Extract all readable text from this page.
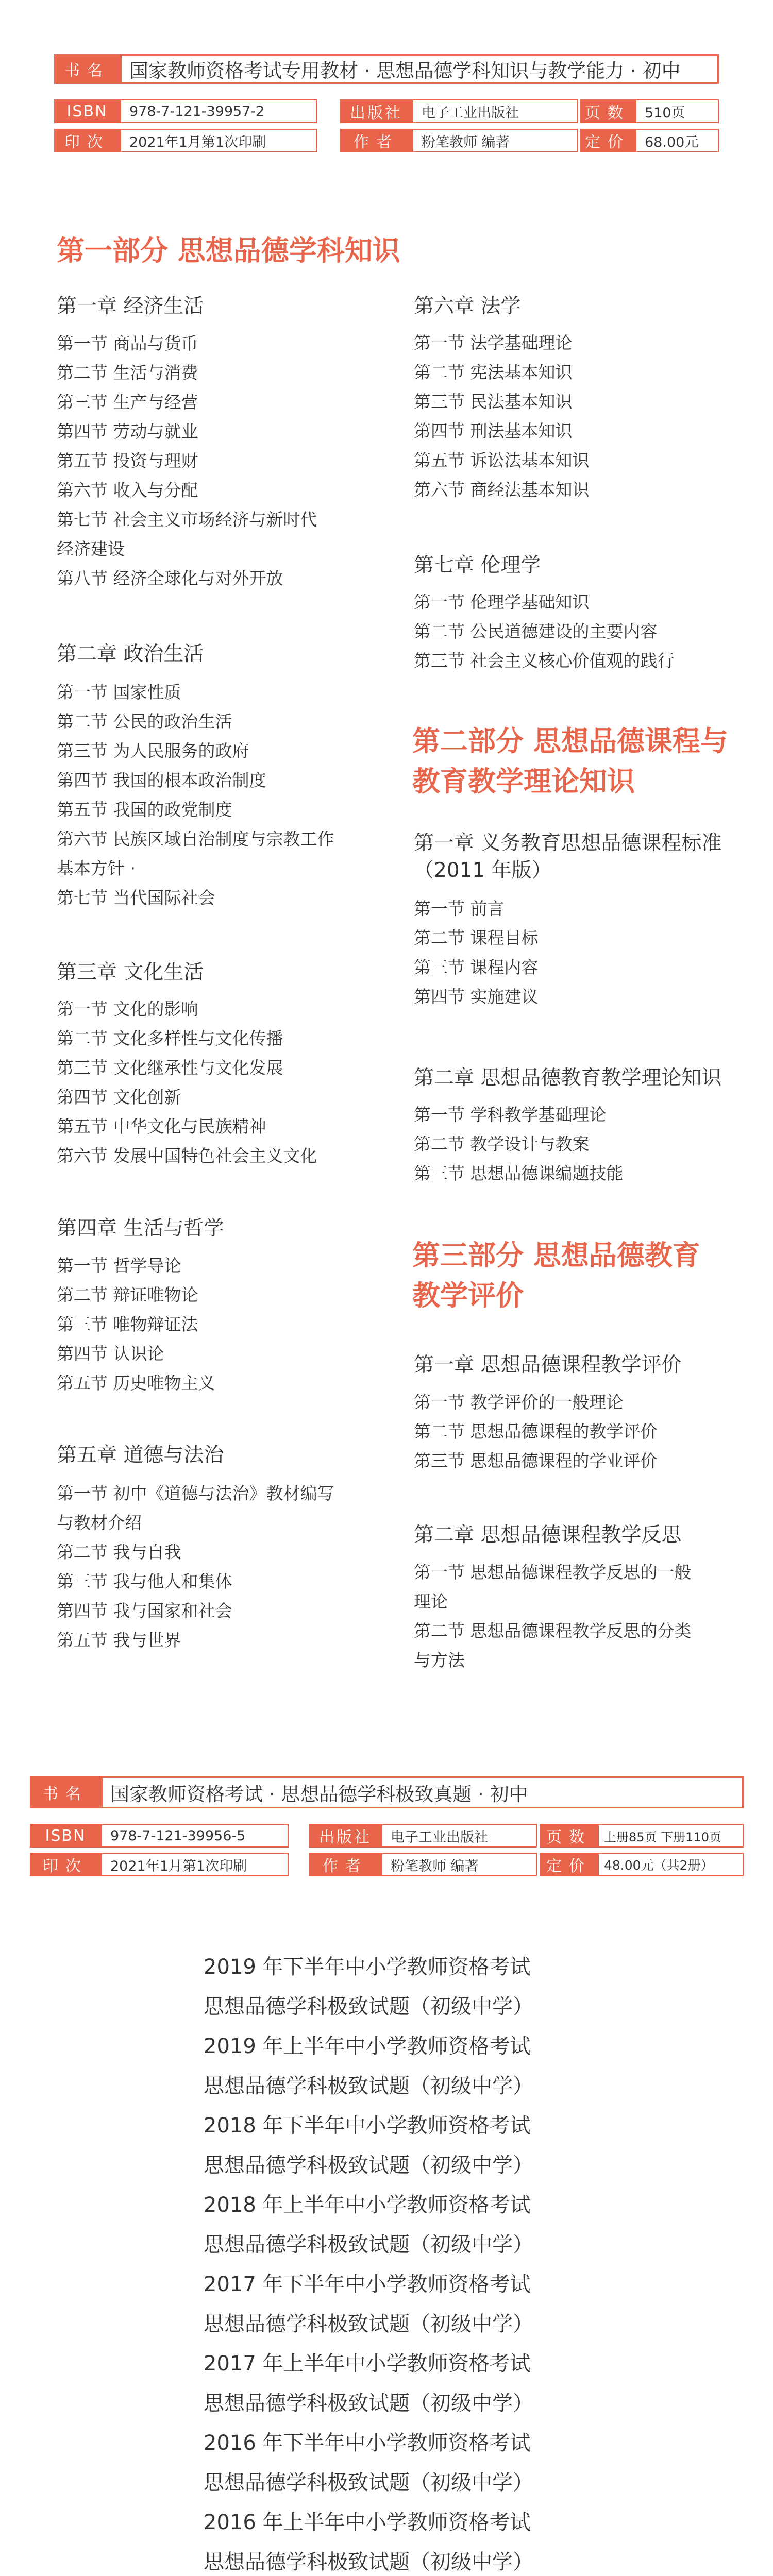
书名	国家教师资格考试专用教材 · 思想品德学科知识与教学能力 · 初中
ISBN	978-7-121-39957-2	出版社	电子工业出版社	页数	510页
印次	2021年1月第1次印刷	作者	粉笔教师 编著	定价	68.00元
第一部分 思想品德学科知识
第一章 经济生活
第一节 商品与货币
第二节 生活与消费
第三节 生产与经营
第四节 劳动与就业
第五节 投资与理财
第六节 收入与分配
第七节 社会主义市场经济与新时代
经济建设
第八节 经济全球化与对外开放
第二章 政治生活
第一节 国家性质
第二节 公民的政治生活
第三节 为人民服务的政府
第四节 我国的根本政治制度
第五节 我国的政党制度
第六节 民族区域自治制度与宗教工作
基本方针 ·
第七节 当代国际社会
第三章 文化生活
第一节 文化的影响
第二节 文化多样性与文化传播
第三节 文化继承性与文化发展
第四节 文化创新
第五节 中华文化与民族精神
第六节 发展中国特色社会主义文化
第四章 生活与哲学
第一节 哲学导论
第二节 辩证唯物论
第三节 唯物辩证法
第四节 认识论
第五节 历史唯物主义
第五章 道德与法治
第一节 初中《道德与法治》教材编写
与教材介绍
第二节 我与自我
第三节 我与他人和集体
第四节 我与国家和社会
第五节 我与世界
第六章 法学
第一节 法学基础理论
第二节 宪法基本知识
第三节 民法基本知识
第四节 刑法基本知识
第五节 诉讼法基本知识
第六节 商经法基本知识
第七章 伦理学
第一节 伦理学基础知识
第二节 公民道德建设的主要内容
第三节 社会主义核心价值观的践行
第二部分 思想品德课程与
教育教学理论知识
第一章 义务教育思想品德课程标准
（2011 年版）
第一节 前言
第二节 课程目标
第三节 课程内容
第四节 实施建议
第二章 思想品德教育教学理论知识
第一节 学科教学基础理论
第二节 教学设计与教案
第三节 思想品德课编题技能
第三部分 思想品德教育
教学评价
第一章 思想品德课程教学评价
第一节 教学评价的一般理论
第二节 思想品德课程的教学评价
第三节 思想品德课程的学业评价
第二章 思想品德课程教学反思
第一节 思想品德课程教学反思的一般
理论
第二节 思想品德课程教学反思的分类
与方法
书名	国家教师资格考试 · 思想品德学科极致真题 · 初中
ISBN	978-7-121-39956-5	出版社	电子工业出版社	页数	上册85页 下册110页
印次	2021年1月第1次印刷	作者	粉笔教师 编著	定价 48.00元（共2册）
2019 年下半年中小学教师资格考试
思想品德学科极致试题（初级中学）
2019 年上半年中小学教师资格考试
思想品德学科极致试题（初级中学）
2018 年下半年中小学教师资格考试
思想品德学科极致试题（初级中学）
2018 年上半年中小学教师资格考试
思想品德学科极致试题（初级中学）
2017 年下半年中小学教师资格考试
思想品德学科极致试题（初级中学）
2017 年上半年中小学教师资格考试
思想品德学科极致试题（初级中学）
2016 年下半年中小学教师资格考试
思想品德学科极致试题（初级中学）
2016 年上半年中小学教师资格考试
思想品德学科极致试题（初级中学）
